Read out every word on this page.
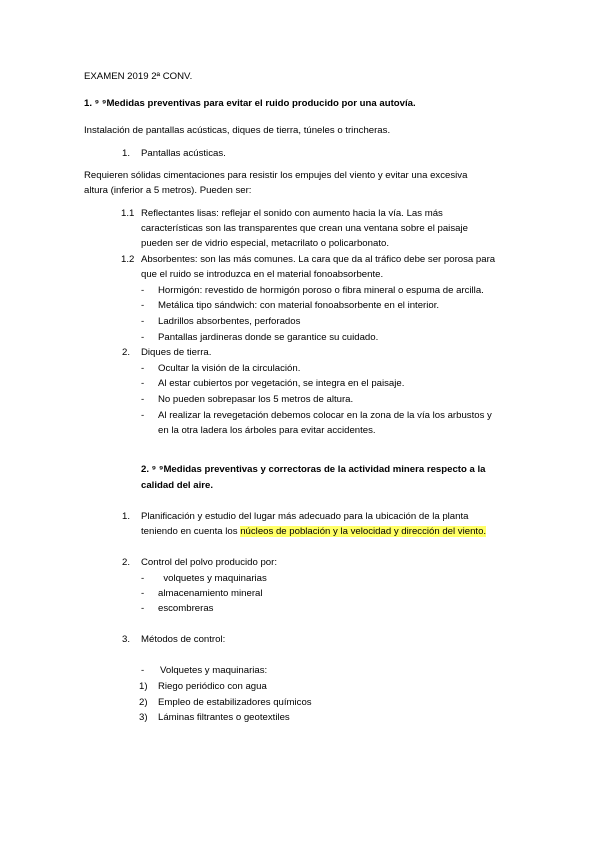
EXAMEN 2019 2ª CONV.
1. ⁹ ⁹Medidas preventivas para evitar el ruido producido por una autovía.
Instalación de pantallas acústicas, diques de tierra, túneles o trincheras.
1. Pantallas acústicas.
Requieren sólidas cimentaciones para resistir los empujes del viento y evitar una excesiva
altura (inferior a 5 metros). Pueden ser:
1.1 Reflectantes lisas: reflejar el sonido con aumento hacia la vía. Las más
características son las transparentes que crean una ventana sobre el paisaje
pueden ser de vidrio especial, metacrilato o policarbonato.
1.2 Absorbentes: son las más comunes. La cara que da al tráfico debe ser porosa para
que el ruido se introduzca en el material fonoabsorbente.
- Hormigón: revestido de hormigón poroso o fibra mineral o espuma de arcilla.
- Metálica tipo sándwich: con material fonoabsorbente en el interior.
- Ladrillos absorbentes, perforados
- Pantallas jardineras donde se garantice su cuidado.
2. Diques de tierra.
- Ocultar la visión de la circulación.
- Al estar cubiertos por vegetación, se integra en el paisaje.
- No pueden sobrepasar los 5 metros de altura.
- Al realizar la revegetación debemos colocar en la zona de la vía los arbustos y
en la otra ladera los árboles para evitar accidentes.
2. ⁹ ⁹Medidas preventivas y correctoras de la actividad minera respecto a la
calidad del aire.
1. Planificación y estudio del lugar más adecuado para la ubicación de la planta
teniendo en cuenta los núcleos de población y la velocidad y dirección del viento.
2. Control del polvo producido por:
- volquetes y maquinarias
- almacenamiento mineral
- escombreras
3. Métodos de control:
- Volquetes y maquinarias:
1) Riego periódico con agua
2) Empleo de estabilizadores químicos
3) Láminas filtrantes o geotextiles
